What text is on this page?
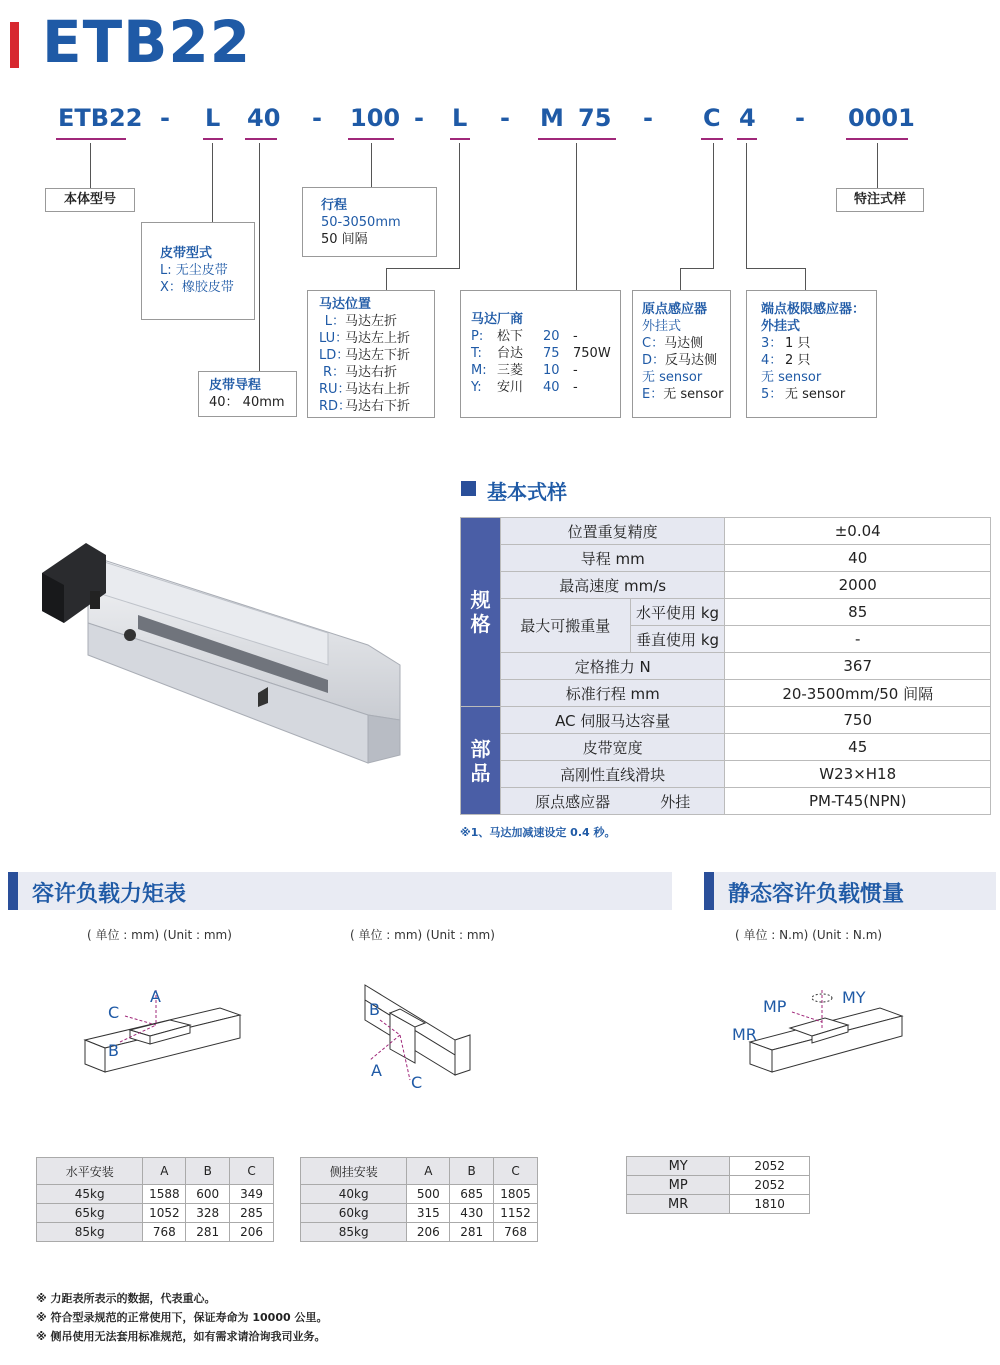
ETB22
ETB22 - L 40 - 100 - L - M 75 - C 4 - 0001
本体型号
皮带型式
L: 无尘皮带
X：橡胶皮带
行程
50-3050mm
50 间隔
特注式样
皮带导程
40： 40mm
马达位置
L：马达左折
LU：马达左上折
LD：马达左下折
R：马达右折
RU：马达右上折
RD：马达右下折
马达厂商
P: 松下 20 -
T: 台达 75 750W
M: 三菱 10 -
Y: 安川 40 -
原点感应器
外挂式
C：马达侧
D：反马达侧
无 sensor
E：无 sensor
端点极限感应器：
外挂式
3： 1 只
4： 2 只
无 sensor
5： 无 sensor
基本式样
规格	位置重复精度		±0.04
	导程 mm		40
	最高速度 mm/s		2000
	最大可搬重量	水平使用 kg	85
		垂直使用 kg	-
	定格推力 N		367
	标准行程 mm		20-3500mm/50 间隔
部品	AC 伺服马达容量		750
	皮带宽度		45
	高刚性直线滑块		W23×H18
	原点感应器 外挂		PM-T45(NPN)
※1、马达加减速设定 0.4 秒。
容许负载力矩表	静态容许负载惯量
( 单位 : mm) (Unit : mm)	( 单位 : mm) (Unit : mm)	( 单位 : N.m) (Unit : N.m)
A
C
B
B
A
C
MY
MP
MR
水平安装	A	B	C
45kg	1588	600	349
65kg	1052	328	285
85kg	768	281	206
侧挂安装	A	B	C
40kg	500	685	1805
60kg	315	430	1152
85kg	206	281	768
MY	2052
MP	2052
MR	1810
※ 力距表所表示的数据，代表重心。
※ 符合型录规范的正常使用下，保证寿命为 10000 公里。
※ 侧吊使用无法套用标准规范，如有需求请洽询我司业务。
